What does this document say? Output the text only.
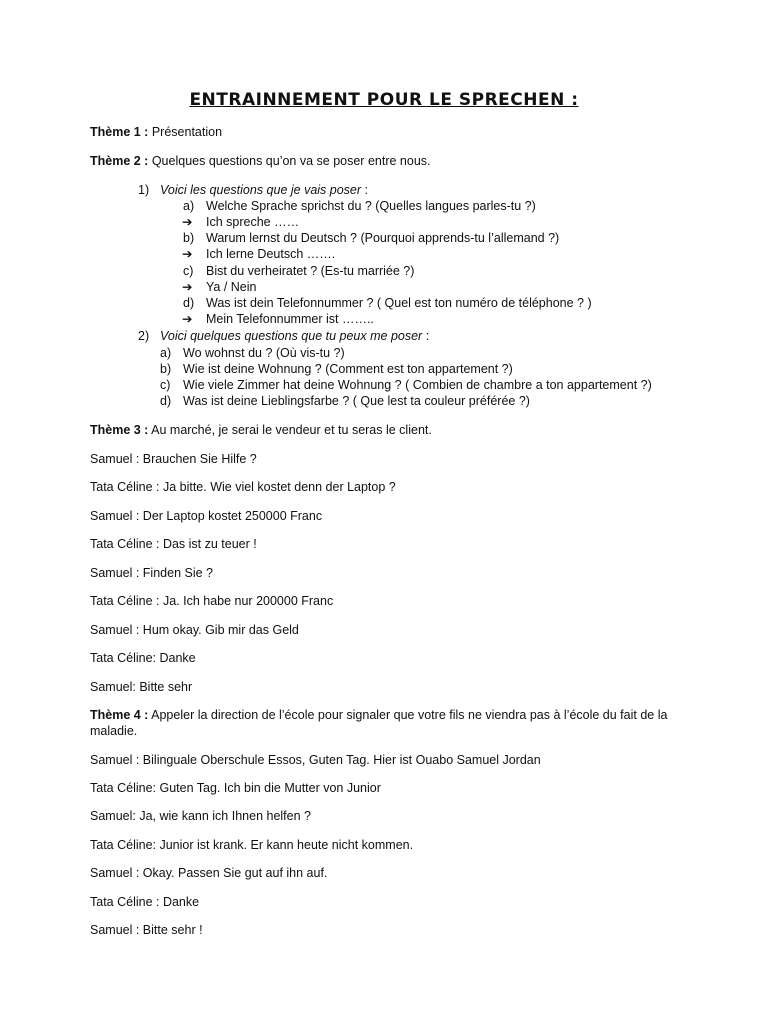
ENTRAINNEMENT POUR LE SPRECHEN :
Thème 1 : Présentation
Thème 2 : Quelques questions qu’on va se poser entre nous.
1) Voici les questions que je vais poser :
a) Welche Sprache sprichst du ? (Quelles langues parles-tu ?)
➔ Ich spreche ……
b) Warum lernst du Deutsch ? (Pourquoi apprends-tu l’allemand ?)
➔ Ich lerne Deutsch …….
c) Bist du verheiratet ? (Es-tu marriée ?)
➔ Ya / Nein
d) Was ist dein Telefonnummer ? ( Quel est ton numéro de téléphone ? )
➔ Mein Telefonnummer ist ……..
2) Voici quelques questions que tu peux me poser :
a) Wo wohnst du ? (Où vis-tu ?)
b) Wie ist deine Wohnung ? (Comment est ton appartement ?)
c) Wie viele Zimmer hat deine Wohnung ? ( Combien de chambre a ton appartement ?)
d) Was ist deine Lieblingsfarbe ? ( Que lest ta couleur préférée ?)
Thème 3 : Au marché, je serai le vendeur et tu seras le client.
Samuel : Brauchen Sie Hilfe ?
Tata Céline : Ja bitte. Wie viel kostet denn der Laptop ?
Samuel : Der Laptop kostet 250000 Franc
Tata Céline : Das ist zu teuer !
Samuel : Finden Sie ?
Tata Céline : Ja. Ich habe nur 200000 Franc
Samuel : Hum okay. Gib mir das Geld
Tata Céline: Danke
Samuel: Bitte sehr
Thème 4 : Appeler la direction de l’école pour signaler que votre fils ne viendra pas à l’école du fait de la maladie.
Samuel : Bilinguale Oberschule Essos, Guten Tag. Hier ist Ouabo Samuel Jordan
Tata Céline: Guten Tag. Ich bin die Mutter von Junior
Samuel: Ja, wie kann ich Ihnen helfen ?
Tata Céline: Junior ist krank. Er kann heute nicht kommen.
Samuel : Okay. Passen Sie gut auf ihn auf.
Tata Céline : Danke
Samuel : Bitte sehr !
